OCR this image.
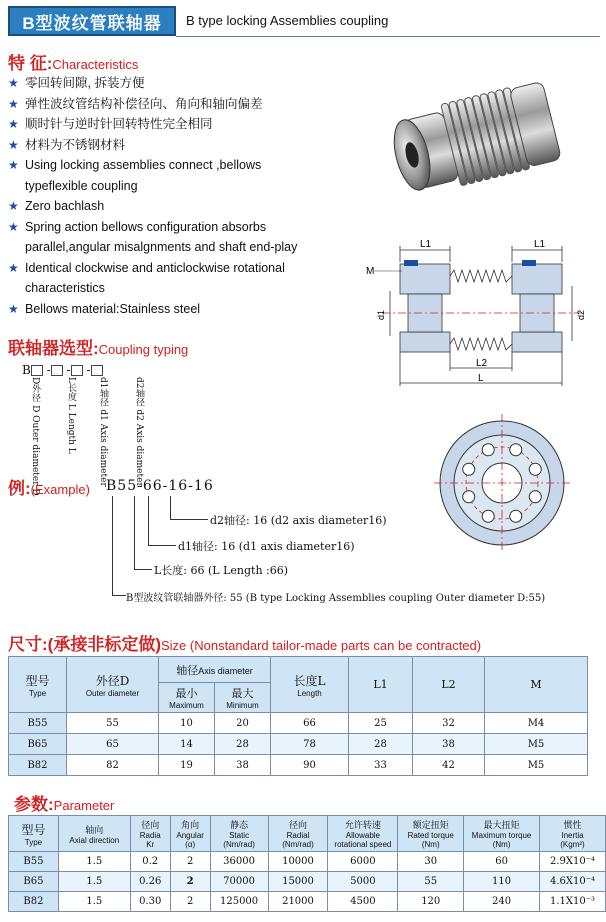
B型波纹管联轴器	B type locking Assemblies coupling
特 征:Characteristics
★ 零回转间隙, 拆装方便
★ 弹性波纹管结构补偿径向、角向和轴向偏差
★ 顺时针与逆时针回转特性完全相同
★ 材料为不锈钢材料
★ Using locking assemblies connect ,bellows
typeflexible coupling
★ Zero bachlash
★ Spring action bellows configuration absorbs
parallel,angular misalgnments and shaft end-play
★ Identical clockwise and anticlockwise rotational
characteristics
★ Bellows material:Stainless steel
L1	L1
M
d1	d2
L2
L
联轴器选型:Coupling typing
B - - -
D外径 D Outer diameter D	L长度 L Length L d1轴径 d1 Axis diameter	d2轴径 d2 Axis diameter
例:(Example) B55-66-16-16
d2轴径: 16 (d2 axis diameter16)
d1轴径: 16 (d1 axis diameter16)
L长度: 66 (L Length :66)
B型波纹管联轴器外径: 55 (B type Locking Assemblies coupling Outer diameter D:55)
尺寸:(承接非标定做)Size (Nonstandard tailor-made parts can be contracted)
型号
Type	外径D
Outer diameter	轴径Axis diameter		长度L
Length	L1	L2	M
		最小
Maximum	最大
Minimum				

B55	55	10	20	66	25	32	M4
B65	65	14	28	78	28	38	M5
B82	82	19	38	90	33	42	M5
参数:Parameter
型号
Type	轴向
Axial direction	径向
Radia
Kr	角向
Angular
(α)	静态
Static
(Nm/rad)	径向
Radial
(Nm/rad)	允许转速
Allowable
rotational speed	额定扭矩
Rated torque
(Nm)	最大扭矩
Maximum torque
(Nm)	惯性
Inertia
(Kgm²)

B55	1.5	0.2	2	36000	10000	6000	30	60	2.9X10⁻⁴
B65	1.5	0.26	2	70000	15000	5000	55	110	4.6X10⁻⁴
B82	1.5	0.30	2	125000	21000	4500	120	240	1.1X10⁻³
